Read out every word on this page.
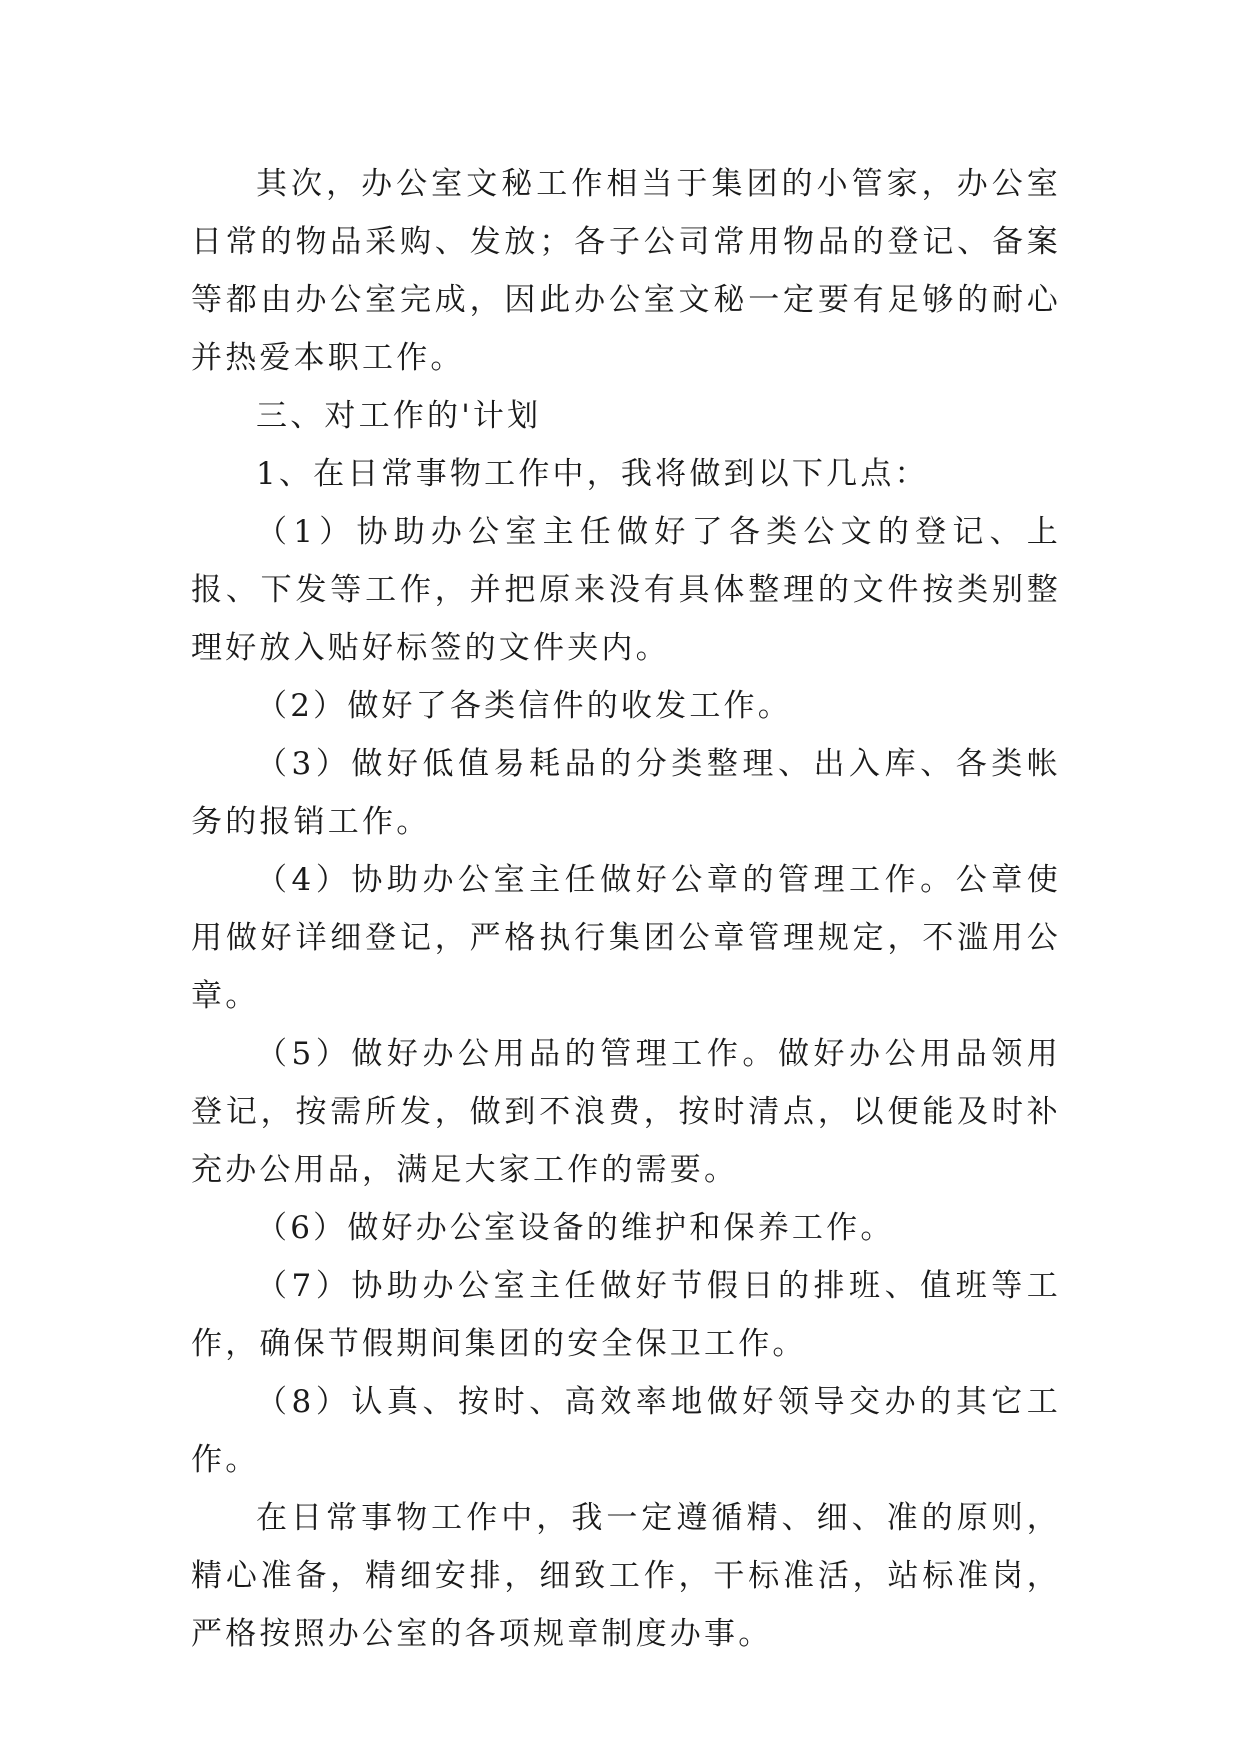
其次，办公室文秘工作相当于集团的小管家，办公室日常的物品采购、发放；各子公司常用物品的登记、备案等都由办公室完成，因此办公室文秘一定要有足够的耐心并热爱本职工作。

三、对工作的'计划

1、在日常事物工作中，我将做到以下几点：

（1）协助办公室主任做好了各类公文的登记、上报、下发等工作，并把原来没有具体整理的文件按类别整理好放入贴好标签的文件夹内。

（2）做好了各类信件的收发工作。

（3）做好低值易耗品的分类整理、出入库、各类帐务的报销工作。

（4）协助办公室主任做好公章的管理工作。公章使用做好详细登记，严格执行集团公章管理规定，不滥用公章。

（5）做好办公用品的管理工作。做好办公用品领用登记，按需所发，做到不浪费，按时清点，以便能及时补充办公用品，满足大家工作的需要。

（6）做好办公室设备的维护和保养工作。

（7）协助办公室主任做好节假日的排班、值班等工作，确保节假期间集团的安全保卫工作。

（8）认真、按时、高效率地做好领导交办的其它工作。

在日常事物工作中，我一定遵循精、细、准的原则，精心准备，精细安排，细致工作，干标准活，站标准岗，严格按照办公室的各项规章制度办事。
